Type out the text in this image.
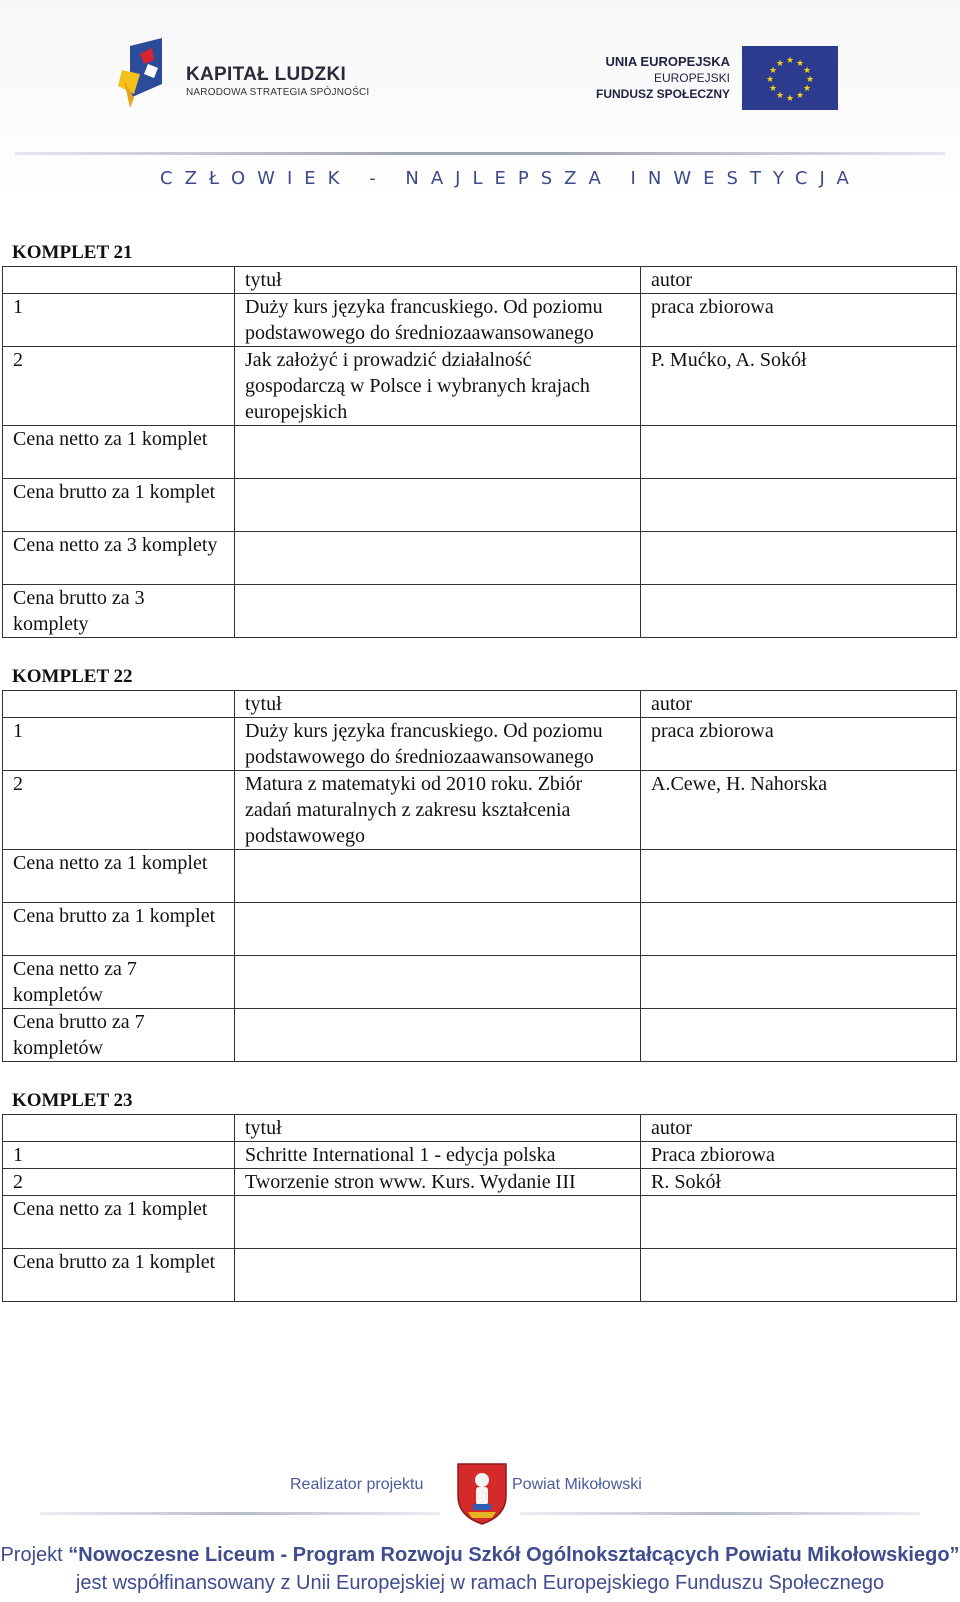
KAPITAŁ LUDZKI
NARODOWA STRATEGIA SPÓJNOŚCI
UNIA EUROPEJSKA
EUROPEJSKI
FUNDUSZ SPOŁECZNY
★ ★
★
★
★
★
★
★
★
★
★
★
CZŁOWIEK - NAJLEPSZA INWESTYCJA
KOMPLET 21
	tytuł	autor
1	Duży kurs języka francuskiego. Od poziomu podstawowego do średniozaawansowanego	praca zbiorowa
2	Jak założyć i prowadzić działalność gospodarczą w Polsce i wybranych krajach europejskich	P. Mućko, A. Sokół
Cena netto za 1 komplet		
Cena brutto za 1 komplet		
Cena netto za 3 komplety		
Cena brutto za 3 komplety		
KOMPLET 22
	tytuł	autor
1	Duży kurs języka francuskiego. Od poziomu podstawowego do średniozaawansowanego	praca zbiorowa
2	Matura z matematyki od 2010 roku. Zbiór zadań maturalnych z zakresu kształcenia podstawowego	A.Cewe, H. Nahorska
Cena netto za 1 komplet		
Cena brutto za 1 komplet		
Cena netto za 7 kompletów		
Cena brutto za 7 kompletów		
KOMPLET 23
	tytuł	autor
1	Schritte International 1 - edycja polska	Praca zbiorowa
2	Tworzenie stron www. Kurs. Wydanie III	R. Sokół
Cena netto za 1 komplet		
Cena brutto za 1 komplet		
Realizator projektu	Powiat Mikołowski
Projekt “Nowoczesne Liceum - Program Rozwoju Szkół Ogólnokształcących Powiatu Mikołowskiego”
jest współfinansowany z Unii Europejskiej w ramach Europejskiego Funduszu Społecznego
